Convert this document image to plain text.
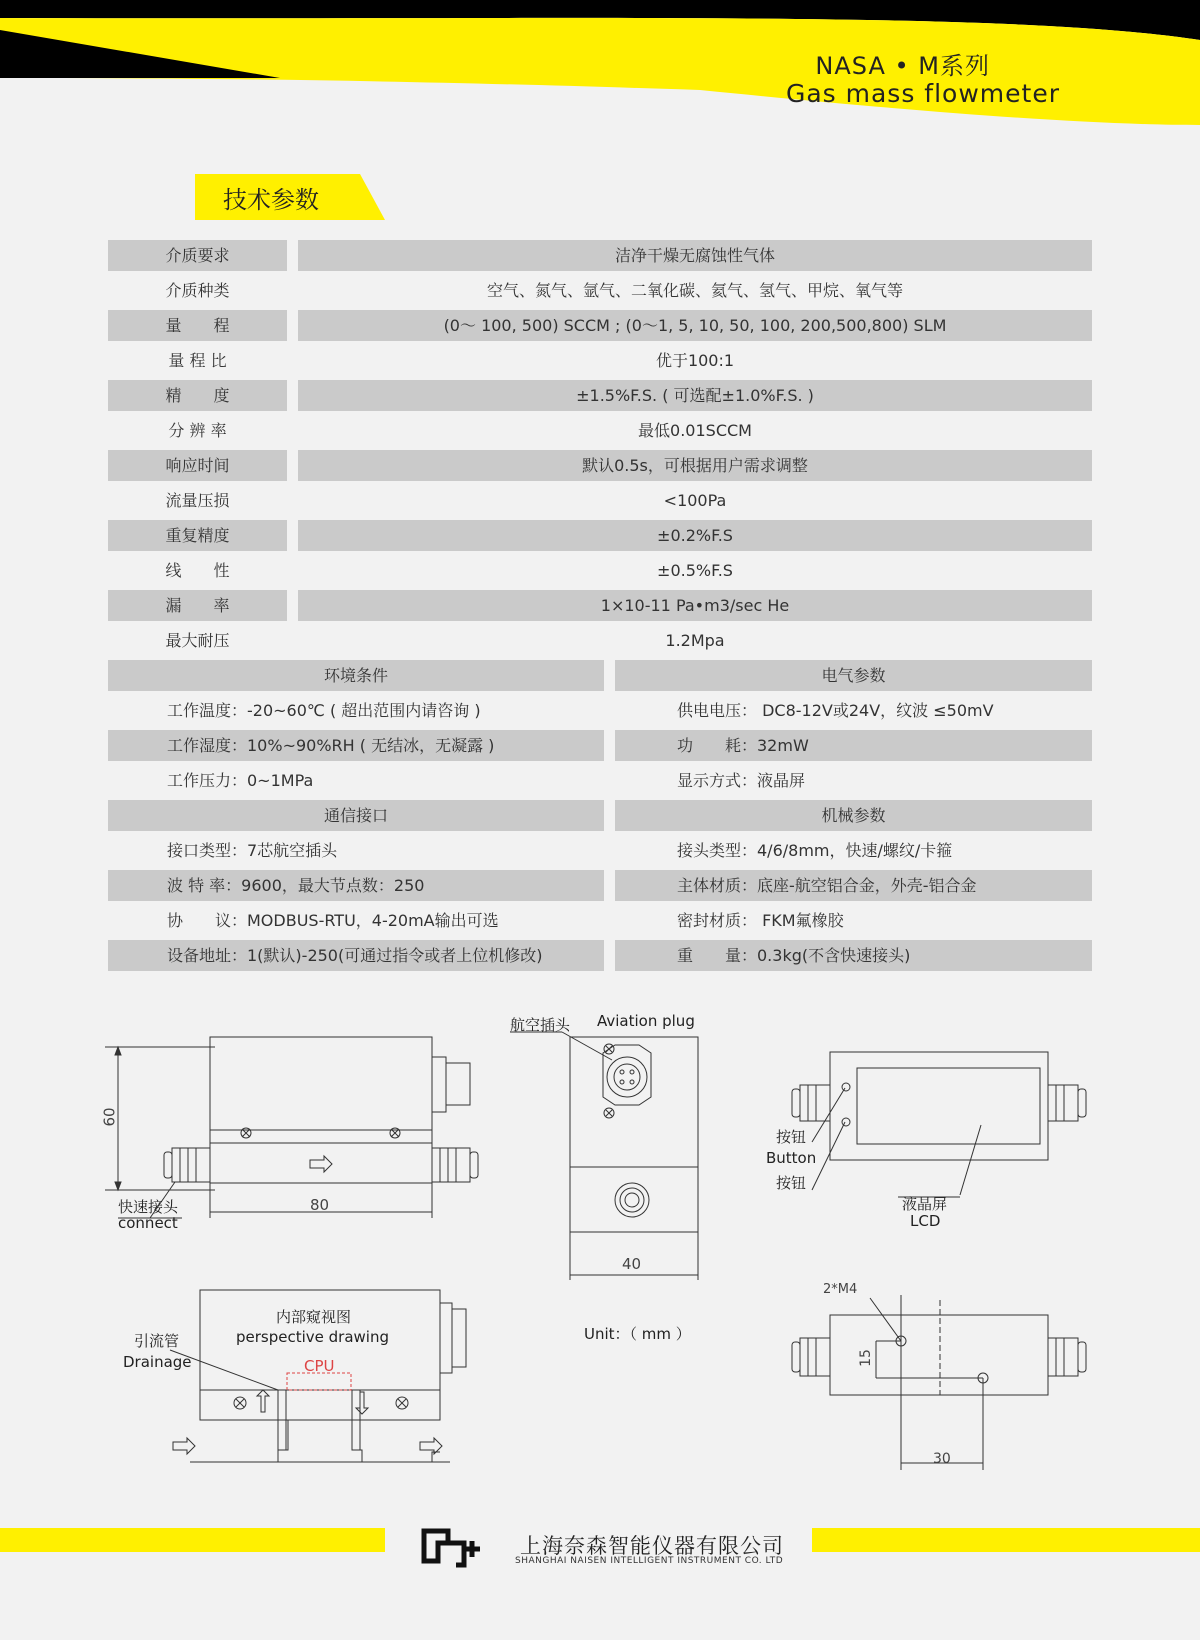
NASA • M系列
Gas mass flowmeter
技术参数
介质要求	洁净干燥无腐蚀性气体
介质种类	空气、氮气、氩气、二氧化碳、氦气、氢气、甲烷、氧气等
量　　程	(0～ 100, 500) SCCM ; (0～1, 5, 10, 50, 100, 200,500,800) SLM
量 程 比	优于100:1
精　　度	±1.5%F.S. ( 可选配±1.0%F.S. )
分 辨 率	最低0.01SCCM
响应时间	默认0.5s，可根据用户需求调整
流量压损	<100Pa
重复精度	±0.2%F.S
线　　性	±0.5%F.S
漏　　率	1×10-11 Pa•m3/sec He
最大耐压	1.2Mpa
环境条件	电气参数
工作温度：-20~60℃ ( 超出范围内请咨询 )	供电电压： DC8-12V或24V，纹波 ≤50mV
工作湿度：10%~90%RH ( 无结冰，无凝露 )	功　　耗：32mW
工作压力：0~1MPa	显示方式：液晶屏
通信接口	机械参数
接口类型：7芯航空插头	接头类型：4/6/8mm，快速/螺纹/卡箍
波 特 率：9600，最大节点数：250	主体材质：底座-航空铝合金，外壳-铝合金
协　　议：MODBUS-RTU，4-20mA输出可选	密封材质： FKM氟橡胶
设备地址：1(默认)-250(可通过指令或者上位机修改)	重　　量：0.3kg(不含快速接头)
60
80
快速接头
connect
航空插头 Aviation plug
40
按钮
Button
按钮
液晶屏
LCD
内部窥视图
perspective drawing
引流管
Drainage	CPU
Unit：（ mm ）
2*M4
15
30
上海奈森智能仪器有限公司
SHANGHAI NAISEN INTELLIGENT INSTRUMENT CO. LTD
